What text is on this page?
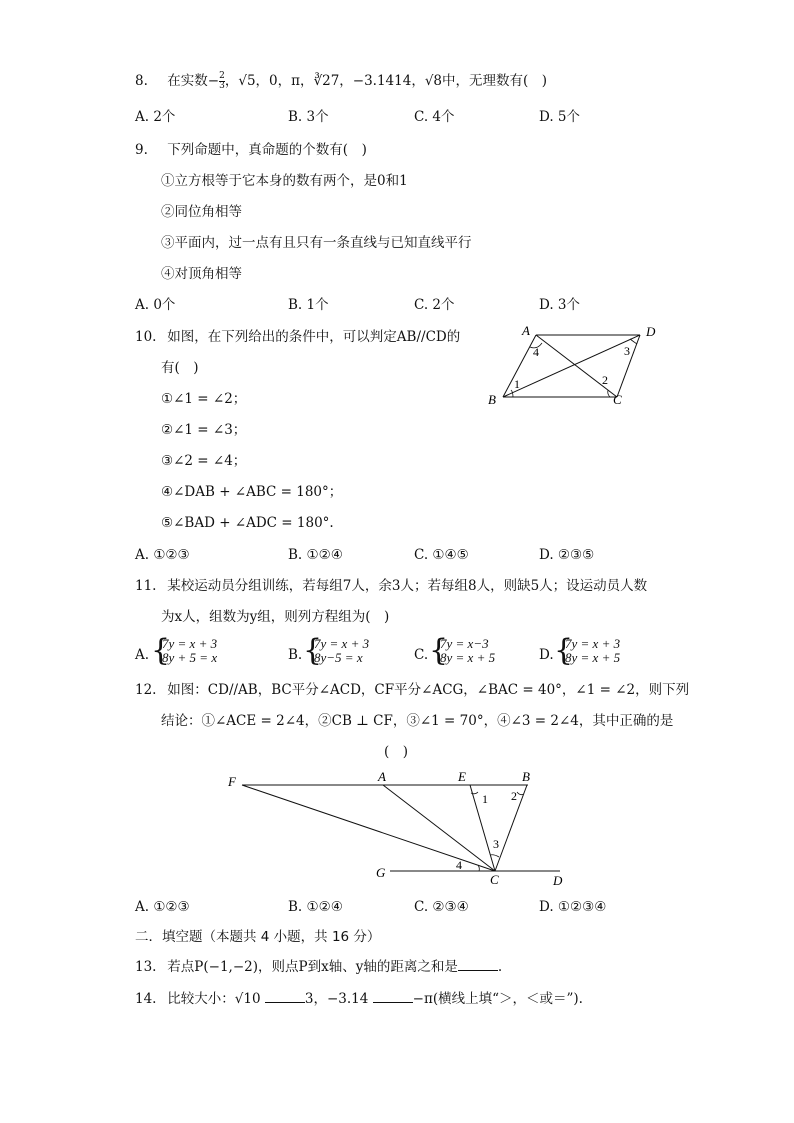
8. 在实数− $\frac{2}{3}$ ，√5，0，π，∛27，−3.1414，√8中，无理数有(　)
A. 2个	B. 3个	C. 4个	D. 5个
9. 下列命题中，真命题的个数有(　)
①立方根等于它本身的数有两个，是0和1
②同位角相等
③平面内，过一点有且只有一条直线与已知直线平行
④对顶角相等
A. 0个	B. 1个	C. 2个	D. 3个
10. 如图，在下列给出的条件中，可以判定AB//CD的
有(　)
①∠1 = ∠2；
②∠1 = ∠3；
③∠2 = ∠4；
④∠DAB + ∠ABC = 180°；
⑤∠BAD + ∠ADC = 180°.
A	D
B	C
1	2
3
4
A. ①②③	B. ①②④	C. ①④⑤	D. ②③⑤
11. 某校运动员分组训练，若每组7人，余3人；若每组8人，则缺5人；设运动员人数
为x人，组数为y组，则列方程组为(　)
A. {
7y = x + 3
8y + 5 = x	B. {
7y = x + 3
8y−5 = x	C. {
7y = x−3
8y = x + 5	D. {
7y = x + 3
8y = x + 5
12. 如图：CD//AB，BC平分∠ACD，CF平分∠ACG，∠BAC = 40°，∠1 = ∠2，则下列
结论：①∠ACE = 2∠4，②CB ⊥ CF，③∠1 = 70°，④∠3 = 2∠4，其中正确的是
(　)
F	A	E	B
1 2
3
4
G	C	D
A. ①②③	B. ①②④	C. ②③④	D. ①②③④
二．填空题（本题共 4 小题，共 16 分）
13. 若点P(−1,−2)，则点P到x轴、y轴的距离之和是	.
14. 比较大小：√10	3，−3.14	−π(横线上填“＞，＜或＝”).
